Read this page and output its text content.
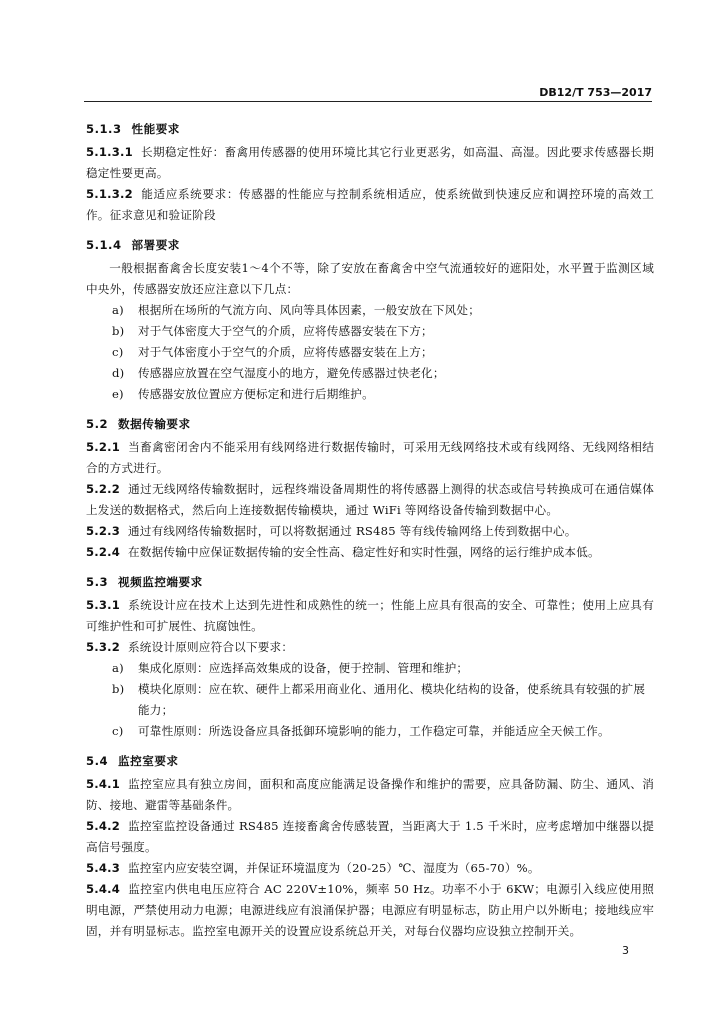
DB12/T 753—2017
5.1.3 性能要求

5.1.3.1 长期稳定性好：畜禽用传感器的使用环境比其它行业更恶劣，如高温、高湿。因此要求传感器长期稳定性要更高。

5.1.3.2 能适应系统要求：传感器的性能应与控制系统相适应，使系统做到快速反应和调控环境的高效工作。征求意见和验证阶段

5.1.4 部署要求

一般根据畜禽舍长度安装1～4个不等，除了安放在畜禽舍中空气流通较好的遮阳处，水平置于监测区域中央外，传感器安放还应注意以下几点：

a) 根据所在场所的气流方向、风向等具体因素，一般安放在下风处；

b) 对于气体密度大于空气的介质，应将传感器安装在下方；

c) 对于气体密度小于空气的介质，应将传感器安装在上方；

d) 传感器应放置在空气湿度小的地方，避免传感器过快老化；

e) 传感器安放位置应方便标定和进行后期维护。

5.2 数据传输要求

5.2.1 当畜禽密闭舍内不能采用有线网络进行数据传输时，可采用无线网络技术或有线网络、无线网络相结合的方式进行。

5.2.2 通过无线网络传输数据时，远程终端设备周期性的将传感器上测得的状态或信号转换成可在通信媒体上发送的数据格式，然后向上连接数据传输模块，通过 WiFi 等网络设备传输到数据中心。

5.2.3 通过有线网络传输数据时，可以将数据通过 RS485 等有线传输网络上传到数据中心。

5.2.4 在数据传输中应保证数据传输的安全性高、稳定性好和实时性强，网络的运行维护成本低。

5.3 视频监控端要求

5.3.1 系统设计应在技术上达到先进性和成熟性的统一；性能上应具有很高的安全、可靠性；使用上应具有可维护性和可扩展性、抗腐蚀性。

5.3.2 系统设计原则应符合以下要求：

a) 集成化原则：应选择高效集成的设备，便于控制、管理和维护；

b) 模块化原则：应在软、硬件上都采用商业化、通用化、模块化结构的设备，使系统具有较强的扩展能力；

c) 可靠性原则：所选设备应具备抵御环境影响的能力，工作稳定可靠，并能适应全天候工作。

5.4 监控室要求

5.4.1 监控室应具有独立房间，面积和高度应能满足设备操作和维护的需要，应具备防漏、防尘、通风、消防、接地、避雷等基础条件。

5.4.2 监控室监控设备通过 RS485 连接畜禽舍传感装置，当距离大于 1.5 千米时，应考虑增加中继器以提高信号强度。

5.4.3 监控室内应安装空调，并保证环境温度为（20-25）℃、湿度为（65-70）%。

5.4.4 监控室内供电电压应符合 AC 220V±10%，频率 50 Hz。功率不小于 6KW；电源引入线应使用照明电源，严禁使用动力电源；电源进线应有浪涌保护器；电源应有明显标志，防止用户以外断电；接地线应牢固，并有明显标志。监控室电源开关的设置应设系统总开关，对每台仪器均应设独立控制开关。

3
